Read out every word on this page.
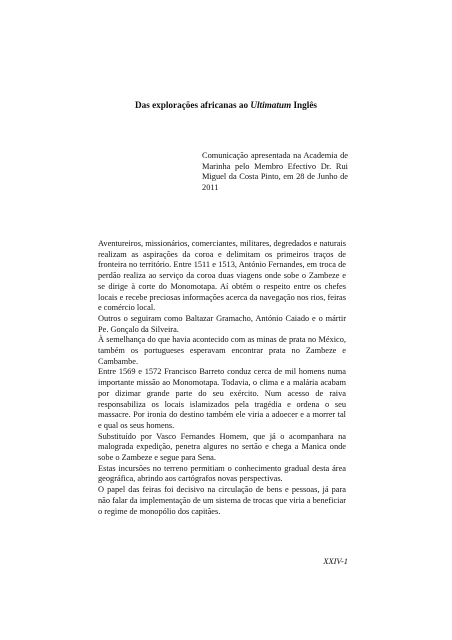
Das explorações africanas ao Ultimatum Inglês
Comunicação apresentada na Academia de Marinha pelo Membro Efectivo Dr. Rui Miguel da Costa Pinto, em 28 de Junho de 2011

Aventureiros, missionários, comerciantes, militares, degredados e naturais realizam as aspirações da coroa e delimitam os primeiros traços de fronteira no território. Entre 1511 e 1513, António Fernandes, em troca de perdão realiza ao serviço da coroa duas viagens onde sobe o Zambeze e se dirige à corte do Monomotapa. Aí obtém o respeito entre os chefes locais e recebe preciosas informações acerca da navegação nos rios, feiras e comércio local.

Outros o seguiram como Baltazar Gramacho, António Caiado e o mártir Pe. Gonçalo da Silveira.

À semelhança do que havia acontecido com as minas de prata no México, também os portugueses esperavam encontrar prata no Zambeze e Cambambe.

Entre 1569 e 1572 Francisco Barreto conduz cerca de mil homens numa importante missão ao Monomotapa. Todavia, o clima e a malária acabam por dizimar grande parte do seu exército. Num acesso de raiva responsabiliza os locais islamizados pela tragédia e ordena o seu massacre. Por ironia do destino também ele viria a adoecer e a morrer tal e qual os seus homens.

Substituído por Vasco Fernandes Homem, que já o acompanhara na malograda expedição, penetra algures no sertão e chega a Manica onde sobe o Zambeze e segue para Sena.

Estas incursões no terreno permitiam o conhecimento gradual desta área geográfica, abrindo aos cartógrafos novas perspectivas.

O papel das feiras foi decisivo na circulação de bens e pessoas, já para não falar da implementação de um sistema de trocas que viria a beneficiar o regime de monopólio dos capitães.

XXIV-1
